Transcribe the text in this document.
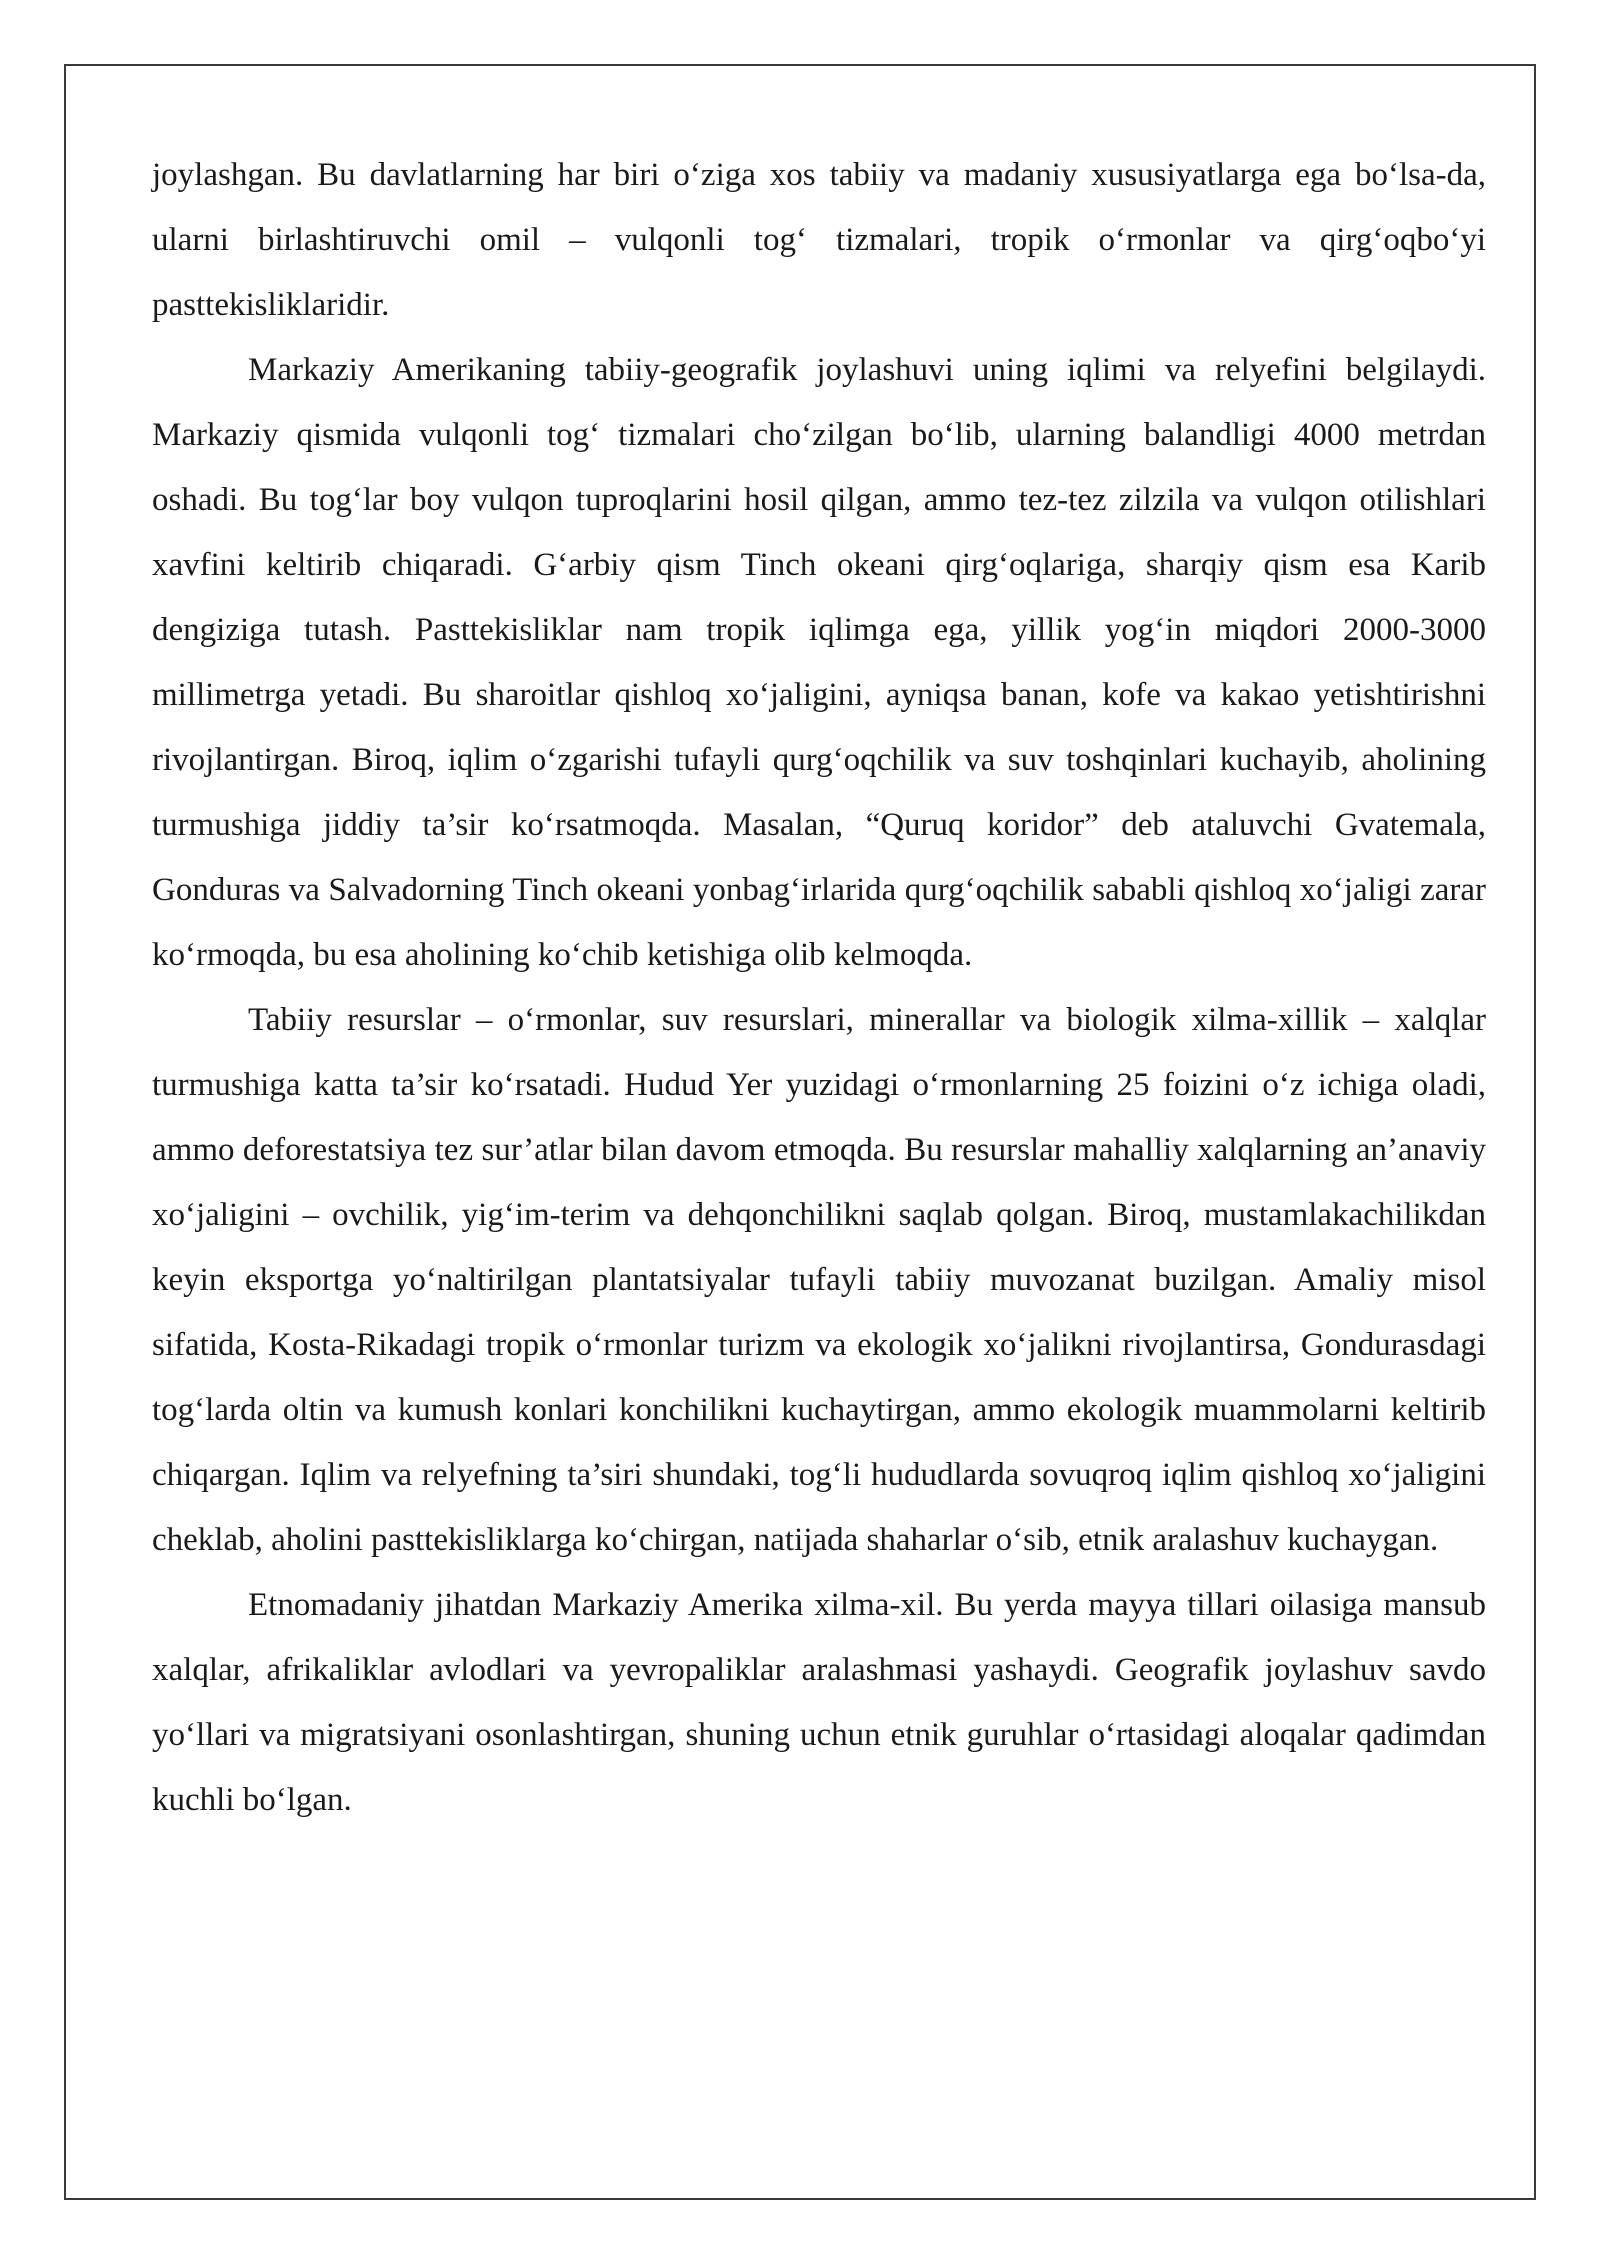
joylashgan. Bu davlatlarning har biri o‘ziga xos tabiiy va madaniy xususiyatlarga ega bo‘lsa-da, ularni birlashtiruvchi omil – vulqonli tog‘ tizmalari, tropik o‘rmonlar va qirg‘oqbo‘yi pasttekisliklaridir.

Markaziy Amerikaning tabiiy-geografik joylashuvi uning iqlimi va relyefini belgilaydi. Markaziy qismida vulqonli tog‘ tizmalari cho‘zilgan bo‘lib, ularning balandligi 4000 metrdan oshadi. Bu tog‘lar boy vulqon tuproqlarini hosil qilgan, ammo tez-tez zilzila va vulqon otilishlari xavfini keltirib chiqaradi. G‘arbiy qism Tinch okeani qirg‘oqlariga, sharqiy qism esa Karib dengiziga tutash. Pasttekisliklar nam tropik iqlimga ega, yillik yog‘in miqdori 2000-3000 millimetrga yetadi. Bu sharoitlar qishloq xo‘jaligini, ayniqsa banan, kofe va kakao yetishtirishni rivojlantirgan. Biroq, iqlim o‘zgarishi tufayli qurg‘oqchilik va suv toshqinlari kuchayib, aholining turmushiga jiddiy ta’sir ko‘rsatmoqda. Masalan, “Quruq koridor” deb ataluvchi Gvatemala, Gonduras va Salvadorning Tinch okeani yonbag‘irlarida qurg‘oqchilik sababli qishloq xo‘jaligi zarar ko‘rmoqda, bu esa aholining ko‘chib ketishiga olib kelmoqda.

Tabiiy resurslar – o‘rmonlar, suv resurslari, minerallar va biologik xilma-xillik – xalqlar turmushiga katta ta’sir ko‘rsatadi. Hudud Yer yuzidagi o‘rmonlarning 25 foizini o‘z ichiga oladi, ammo deforestatsiya tez sur’atlar bilan davom etmoqda. Bu resurslar mahalliy xalqlarning an’anaviy xo‘jaligini – ovchilik, yig‘im-terim va dehqonchilikni saqlab qolgan. Biroq, mustamlakachilikdan keyin eksportga yo‘naltirilgan plantatsiyalar tufayli tabiiy muvozanat buzilgan. Amaliy misol sifatida, Kosta-Rikadagi tropik o‘rmonlar turizm va ekologik xo‘jalikni rivojlantirsa, Gondurasdagi tog‘larda oltin va kumush konlari konchilikni kuchaytirgan, ammo ekologik muammolarni keltirib chiqargan. Iqlim va relyefning ta’siri shundaki, tog‘li hududlarda sovuqroq iqlim qishloq xo‘jaligini cheklab, aholini pasttekisliklarga ko‘chirgan, natijada shaharlar o‘sib, etnik aralashuv kuchaygan.

Etnomadaniy jihatdan Markaziy Amerika xilma-xil. Bu yerda mayya tillari oilasiga mansub xalqlar, afrikaliklar avlodlari va yevropaliklar aralashmasi yashaydi. Geografik joylashuv savdo yo‘llari va migratsiyani osonlashtirgan, shuning uchun etnik guruhlar o‘rtasidagi aloqalar qadimdan kuchli bo‘lgan.
